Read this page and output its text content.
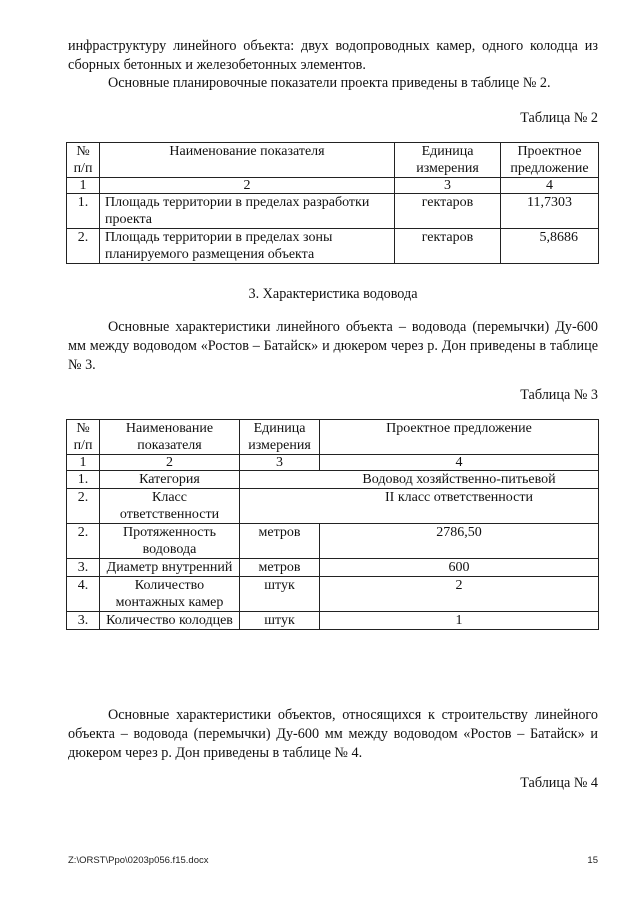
инфраструктуру линейного объекта: двух водопроводных камер, одного колодца из сборных бетонных и железобетонных элементов.

Основные планировочные показатели проекта приведены в таблице № 2.

Таблица № 2

№ п/п	Наименование показателя	Единица измерения	Проектное предложение
1	2	3	4
1.	Площадь территории в пределах разработки проекта	гектаров	11,7303
2.	Площадь территории в пределах зоны планируемого размещения объекта	гектаров	5,8686

3. Характеристика водовода

Основные характеристики линейного объекта – водовода (перемычки) Ду-600 мм между водоводом «Ростов – Батайск» и дюкером через р. Дон приведены в таблице № 3.

Таблица № 3

№ п/п	Наименование показателя	Единица измерения	Проектное предложение
1	2	3	4
1.	Категория	Водовод хозяйственно-питьевой	
2.	Класс ответственности	II класс ответственности	
2.	Протяженность водовода	метров	2786,50
3.	Диаметр внутренний	метров	600
4.	Количество монтажных камер	штук	2
3.	Количество колодцев	штук	1

Основные характеристики объектов, относящихся к строительству линейного объекта – водовода (перемычки) Ду-600 мм между водоводом «Ростов – Батайск» и дюкером через р. Дон приведены в таблице № 4.

Таблица № 4

Z:\ORST\Ppo\0203p056.f15.docx	15
